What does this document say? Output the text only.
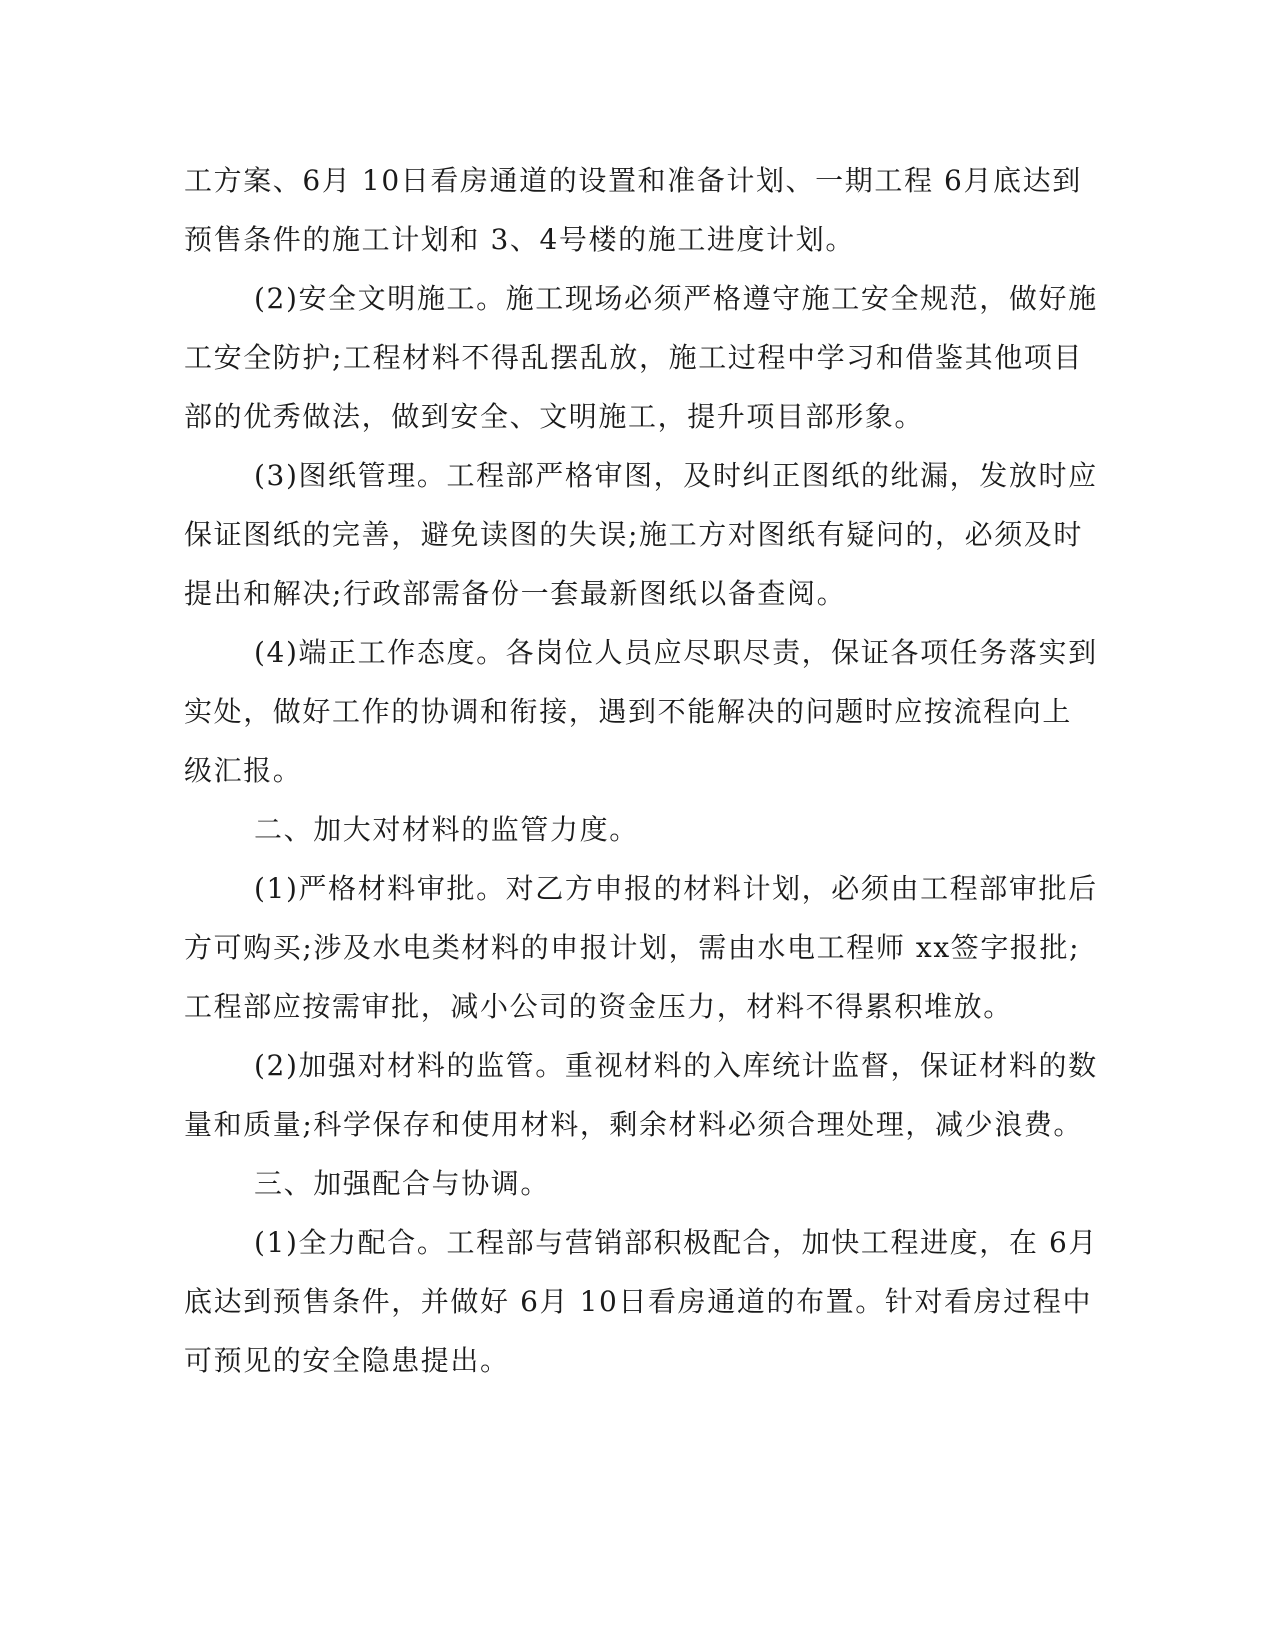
工方案、6月 10日看房通道的设置和准备计划、一期工程 6月底达到
预售条件的施工计划和 3、4号楼的施工进度计划。
(2)安全文明施工。施工现场必须严格遵守施工安全规范，做好施
工安全防护;工程材料不得乱摆乱放，施工过程中学习和借鉴其他项目
部的优秀做法，做到安全、文明施工，提升项目部形象。
(3)图纸管理。工程部严格审图，及时纠正图纸的纰漏，发放时应
保证图纸的完善，避免读图的失误;施工方对图纸有疑问的，必须及时
提出和解决;行政部需备份一套最新图纸以备查阅。
(4)端正工作态度。各岗位人员应尽职尽责，保证各项任务落实到
实处，做好工作的协调和衔接，遇到不能解决的问题时应按流程向上
级汇报。
二、加大对材料的监管力度。
(1)严格材料审批。对乙方申报的材料计划，必须由工程部审批后
方可购买;涉及水电类材料的申报计划，需由水电工程师 xx签字报批;
工程部应按需审批，减小公司的资金压力，材料不得累积堆放。
(2)加强对材料的监管。重视材料的入库统计监督，保证材料的数
量和质量;科学保存和使用材料，剩余材料必须合理处理，减少浪费。
三、加强配合与协调。
(1)全力配合。工程部与营销部积极配合，加快工程进度，在 6月
底达到预售条件，并做好 6月 10日看房通道的布置。针对看房过程中
可预见的安全隐患提出。
